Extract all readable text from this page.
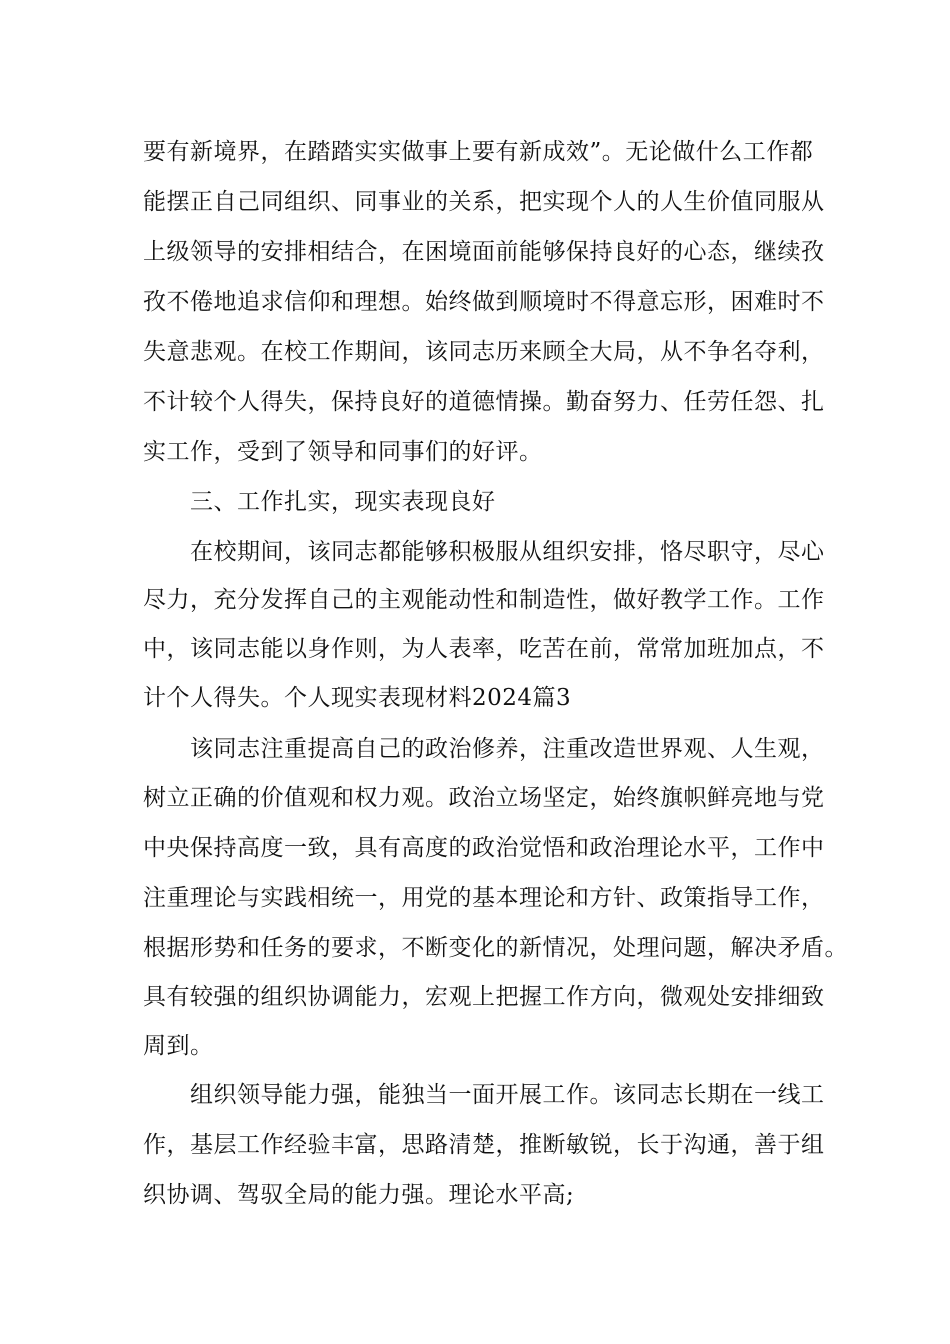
要有新境界，在踏踏实实做事上要有新成效”。无论做什么工作都
能摆正自己同组织、同事业的关系，把实现个人的人生价值同服从
上级领导的安排相结合，在困境面前能够保持良好的心态，继续孜
孜不倦地追求信仰和理想。始终做到顺境时不得意忘形，困难时不
失意悲观。在校工作期间，该同志历来顾全大局，从不争名夺利，
不计较个人得失，保持良好的道德情操。勤奋努力、任劳任怨、扎
实工作，受到了领导和同事们的好评。
三、工作扎实，现实表现良好
在校期间，该同志都能够积极服从组织安排，恪尽职守，尽心
尽力，充分发挥自己的主观能动性和制造性，做好教学工作。工作
中，该同志能以身作则，为人表率，吃苦在前，常常加班加点，不
计个人得失。个人现实表现材料2024篇3
该同志注重提高自己的政治修养，注重改造世界观、人生观，
树立正确的价值观和权力观。政治立场坚定，始终旗帜鲜亮地与党
中央保持高度一致，具有高度的政治觉悟和政治理论水平，工作中
注重理论与实践相统一，用党的基本理论和方针、政策指导工作，
根据形势和任务的要求，不断变化的新情况，处理问题，解决矛盾。
具有较强的组织协调能力，宏观上把握工作方向，微观处安排细致
周到。
组织领导能力强，能独当一面开展工作。该同志长期在一线工
作，基层工作经验丰富，思路清楚，推断敏锐，长于沟通，善于组
织协调、驾驭全局的能力强。理论水平高;
